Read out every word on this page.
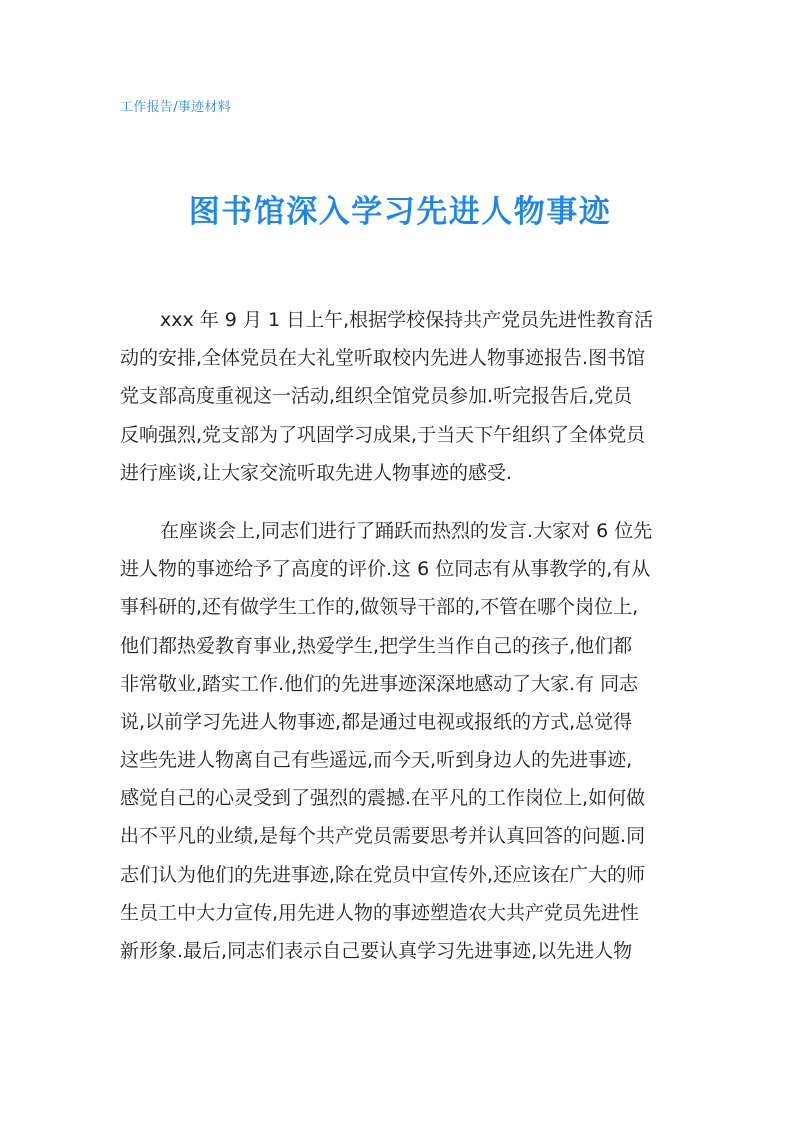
工作报告/事迹材料
图书馆深入学习先进人物事迹
xxx 年 9 月 1 日上午,根据学校保持共产党员先进性教育活
动的安排,全体党员在大礼堂听取校内先进人物事迹报告.图书馆
党支部高度重视这一活动,组织全馆党员参加.听完报告后,党员
反响强烈,党支部为了巩固学习成果,于当天下午组织了全体党员
进行座谈,让大家交流听取先进人物事迹的感受.
在座谈会上,同志们进行了踊跃而热烈的发言.大家对 6 位先
进人物的事迹给予了高度的评价.这 6 位同志有从事教学的,有从
事科研的,还有做学生工作的,做领导干部的,不管在哪个岗位上,
他们都热爱教育事业,热爱学生,把学生当作自己的孩子,他们都
非常敬业,踏实工作.他们的先进事迹深深地感动了大家.有 同志
说,以前学习先进人物事迹,都是通过电视或报纸的方式,总觉得
这些先进人物离自己有些遥远,而今天,听到身边人的先进事迹,
感觉自己的心灵受到了强烈的震撼.在平凡的工作岗位上,如何做
出不平凡的业绩,是每个共产党员需要思考并认真回答的问题.同
志们认为他们的先进事迹,除在党员中宣传外,还应该在广大的师
生员工中大力宣传,用先进人物的事迹塑造农大共产党员先进性
新形象.最后,同志们表示自己要认真学习先进事迹,以先进人物
